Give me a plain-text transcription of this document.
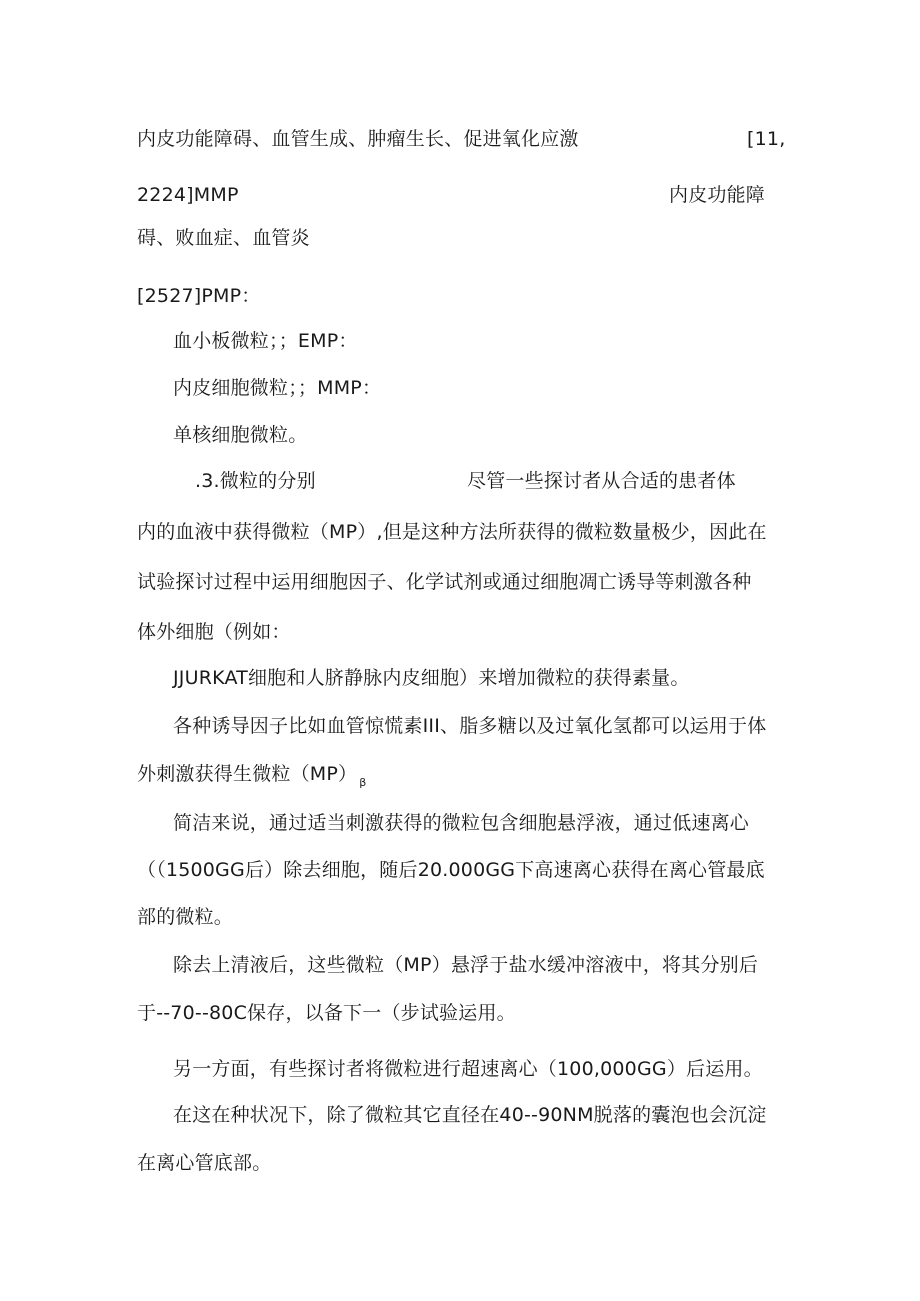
内皮功能障碍、血管生成、肿瘤生长、促进氧化应激	[11,
2224]MMP	内皮功能障
碍、败血症、血管炎
[2527]PMP：
血小板微粒；；EMP：
内皮细胞微粒；；MMP：
单核细胞微粒。
.3.微粒的分别	尽管一些探讨者从合适的患者体
内的血液中获得微粒（MP）,但是这种方法所获得的微粒数量极少，因此在
试验探讨过程中运用细胞因子、化学试剂或通过细胞凋亡诱导等刺激各种
体外细胞（例如：
JJURKAT细胞和人脐静脉内皮细胞）来增加微粒的获得素量。
各种诱导因子比如血管惊慌素III、脂多糖以及过氧化氢都可以运用于体
外刺激获得生微粒（MP） $_\beta$
简洁来说，通过适当刺激获得的微粒包含细胞悬浮液，通过低速离心
（（1500GG后）除去细胞，随后20.000GG下高速离心获得在离心管最底
部的微粒。
除去上清液后，这些微粒（MP）悬浮于盐水缓冲溶液中，将其分别后
于--70--80C保存，以备下一（步试验运用。
另一方面，有些探讨者将微粒进行超速离心（100,000GG）后运用。
在这在种状况下，除了微粒其它直径在40--90NM脱落的囊泡也会沉淀
在离心管底部。
